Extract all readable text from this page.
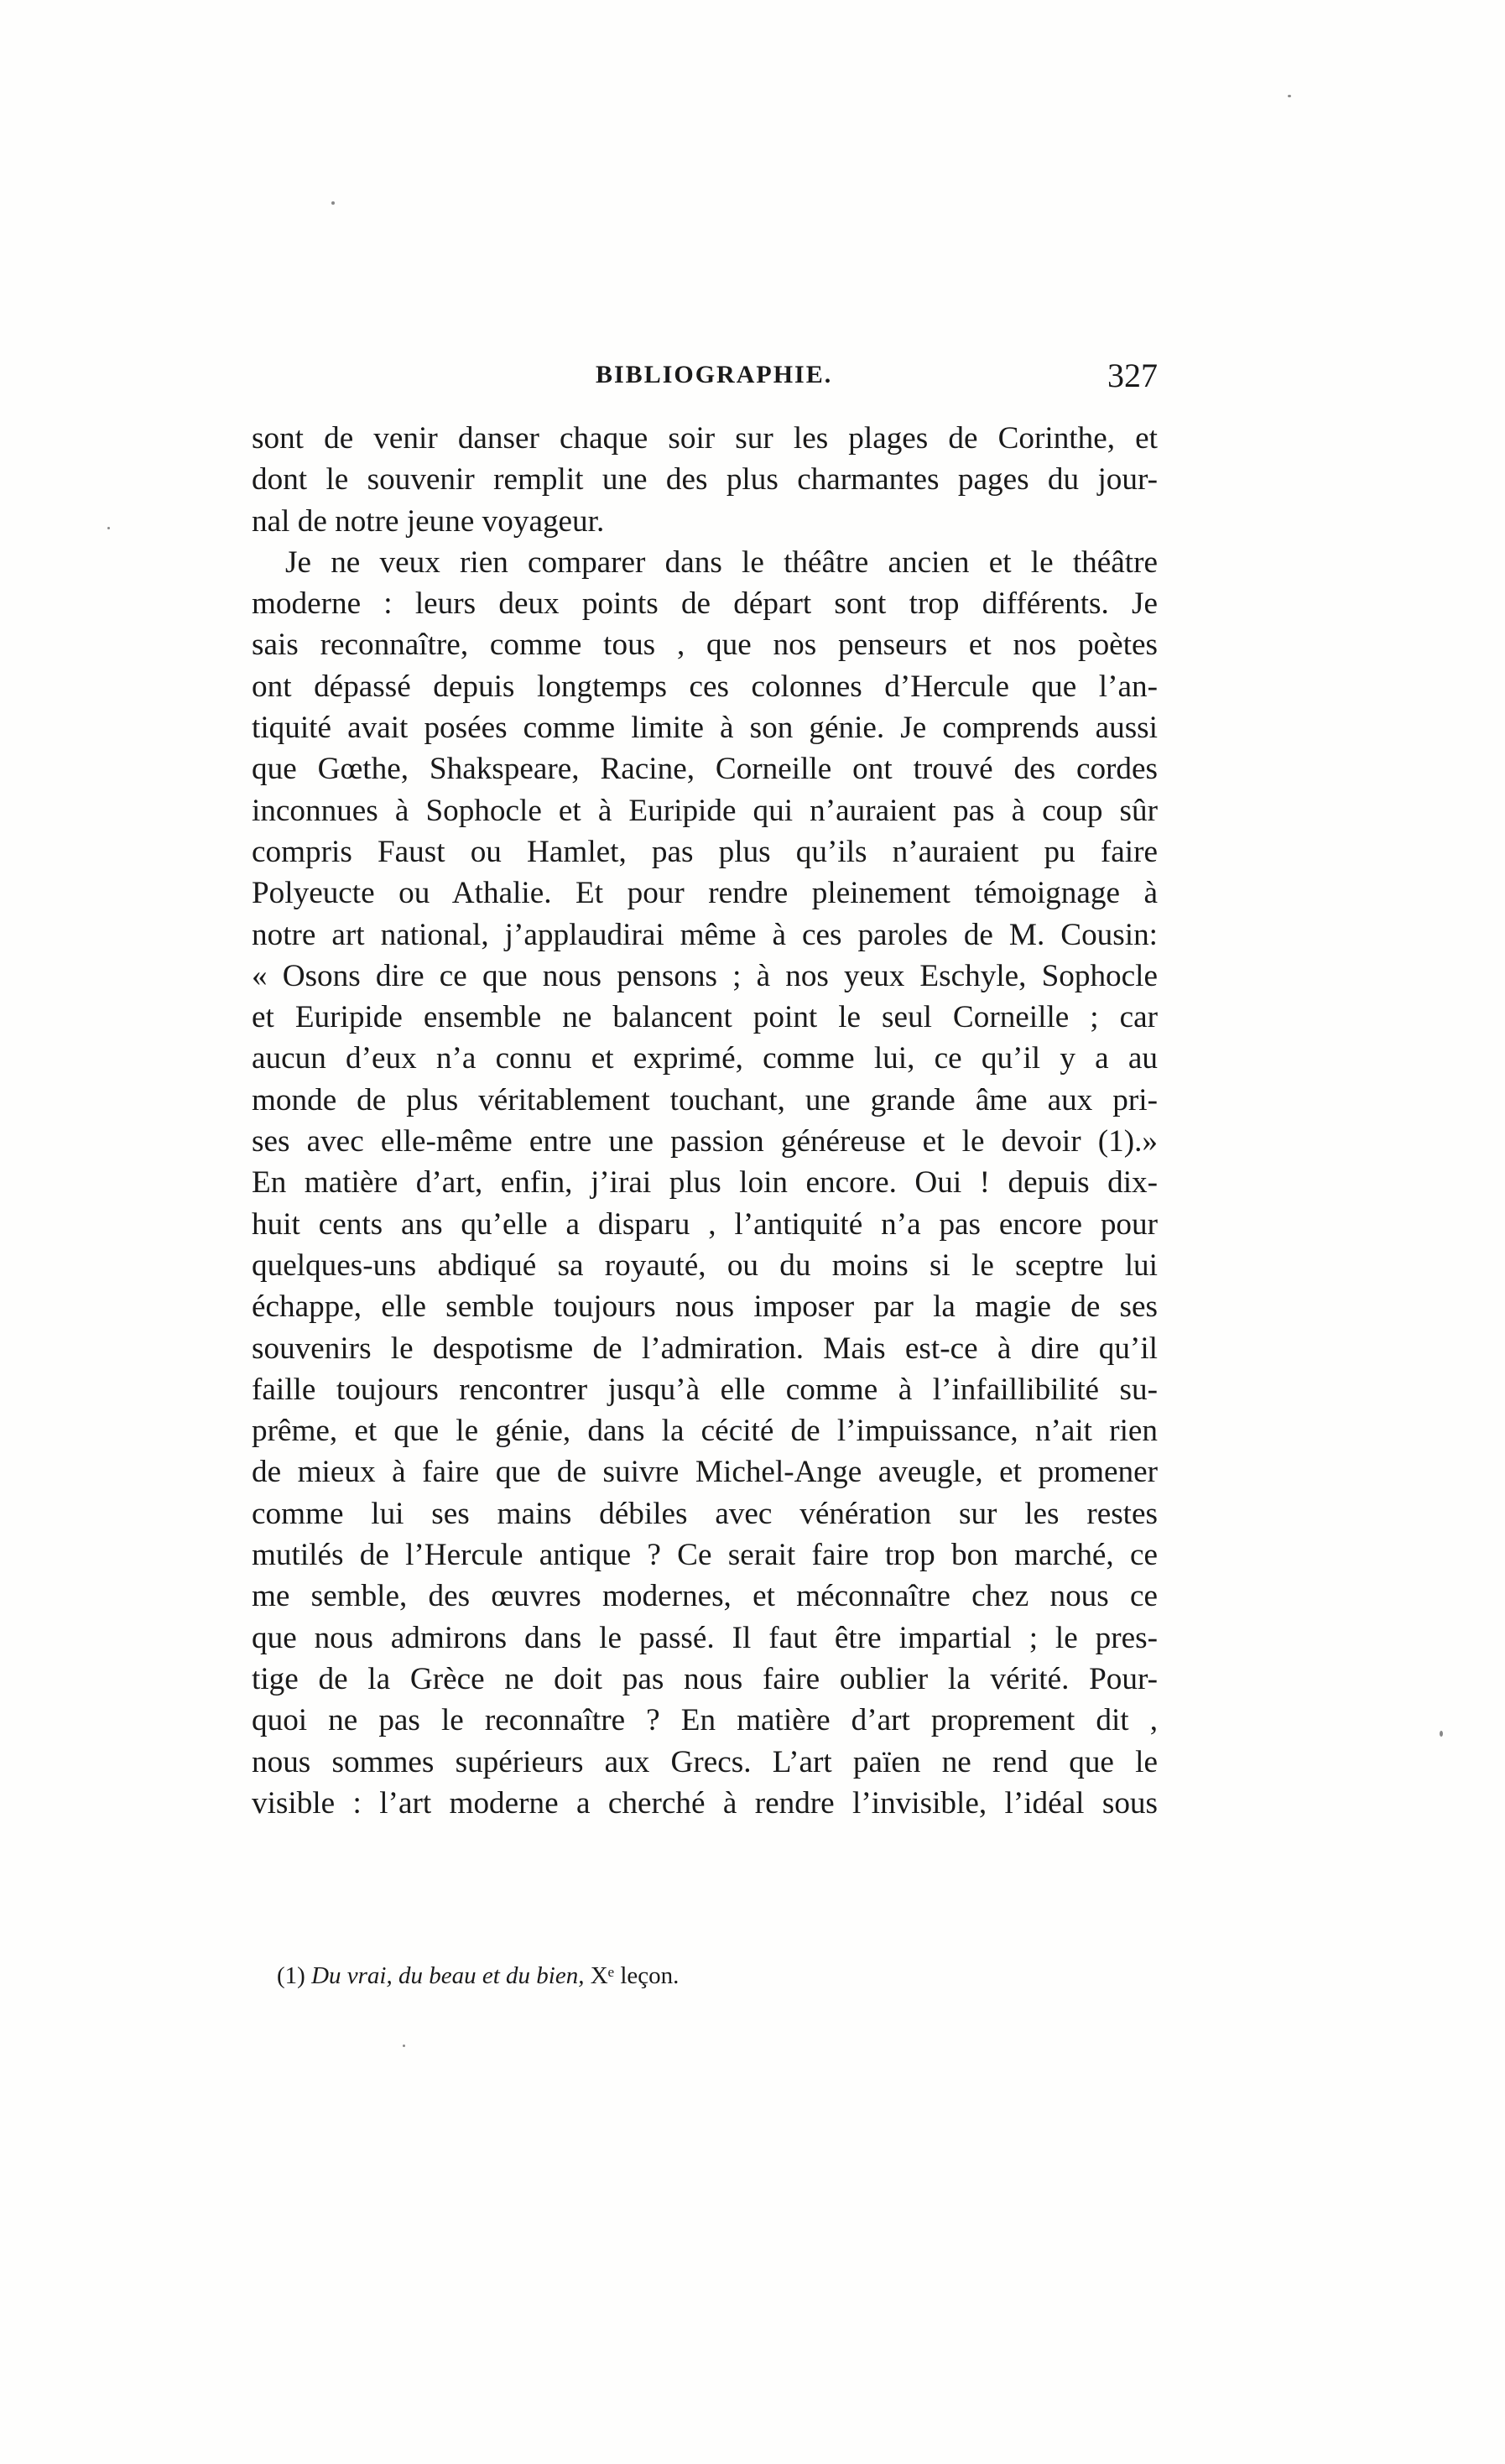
BIBLIOGRAPHIE.	327
sont de venir danser chaque soir sur les plages de Corinthe, et
dont le souvenir remplit une des plus charmantes pages du jour-
nal de notre jeune voyageur.
Je ne veux rien comparer dans le théâtre ancien et le théâtre
moderne : leurs deux points de départ sont trop différents. Je
sais reconnaître, comme tous , que nos penseurs et nos poètes
ont dépassé depuis longtemps ces colonnes d’Hercule que l’an-
tiquité avait posées comme limite à son génie. Je comprends aussi
que Gœthe, Shakspeare, Racine, Corneille ont trouvé des cordes
inconnues à Sophocle et à Euripide qui n’auraient pas à coup sûr
compris Faust ou Hamlet, pas plus qu’ils n’auraient pu faire
Polyeucte ou Athalie. Et pour rendre pleinement témoignage à
notre art national, j’applaudirai même à ces paroles de M. Cousin:
« Osons dire ce que nous pensons ; à nos yeux Eschyle, Sophocle
et Euripide ensemble ne balancent point le seul Corneille ; car
aucun d’eux n’a connu et exprimé, comme lui, ce qu’il y a au
monde de plus véritablement touchant, une grande âme aux pri-
ses avec elle-même entre une passion généreuse et le devoir (1).»
En matière d’art, enfin, j’irai plus loin encore. Oui ! depuis dix-
huit cents ans qu’elle a disparu , l’antiquité n’a pas encore pour
quelques-uns abdiqué sa royauté, ou du moins si le sceptre lui
échappe, elle semble toujours nous imposer par la magie de ses
souvenirs le despotisme de l’admiration. Mais est-ce à dire qu’il
faille toujours rencontrer jusqu’à elle comme à l’infaillibilité su-
prême, et que le génie, dans la cécité de l’impuissance, n’ait rien
de mieux à faire que de suivre Michel-Ange aveugle, et promener
comme lui ses mains débiles avec vénération sur les restes
mutilés de l’Hercule antique ? Ce serait faire trop bon marché, ce
me semble, des œuvres modernes, et méconnaître chez nous ce
que nous admirons dans le passé. Il faut être impartial ; le pres-
tige de la Grèce ne doit pas nous faire oublier la vérité. Pour-
quoi ne pas le reconnaître ? En matière d’art proprement dit ,
nous sommes supérieurs aux Grecs. L’art païen ne rend que le
visible : l’art moderne a cherché à rendre l’invisible, l’idéal sous
(1) Du vrai, du beau et du bien, Xᵉ leçon.
